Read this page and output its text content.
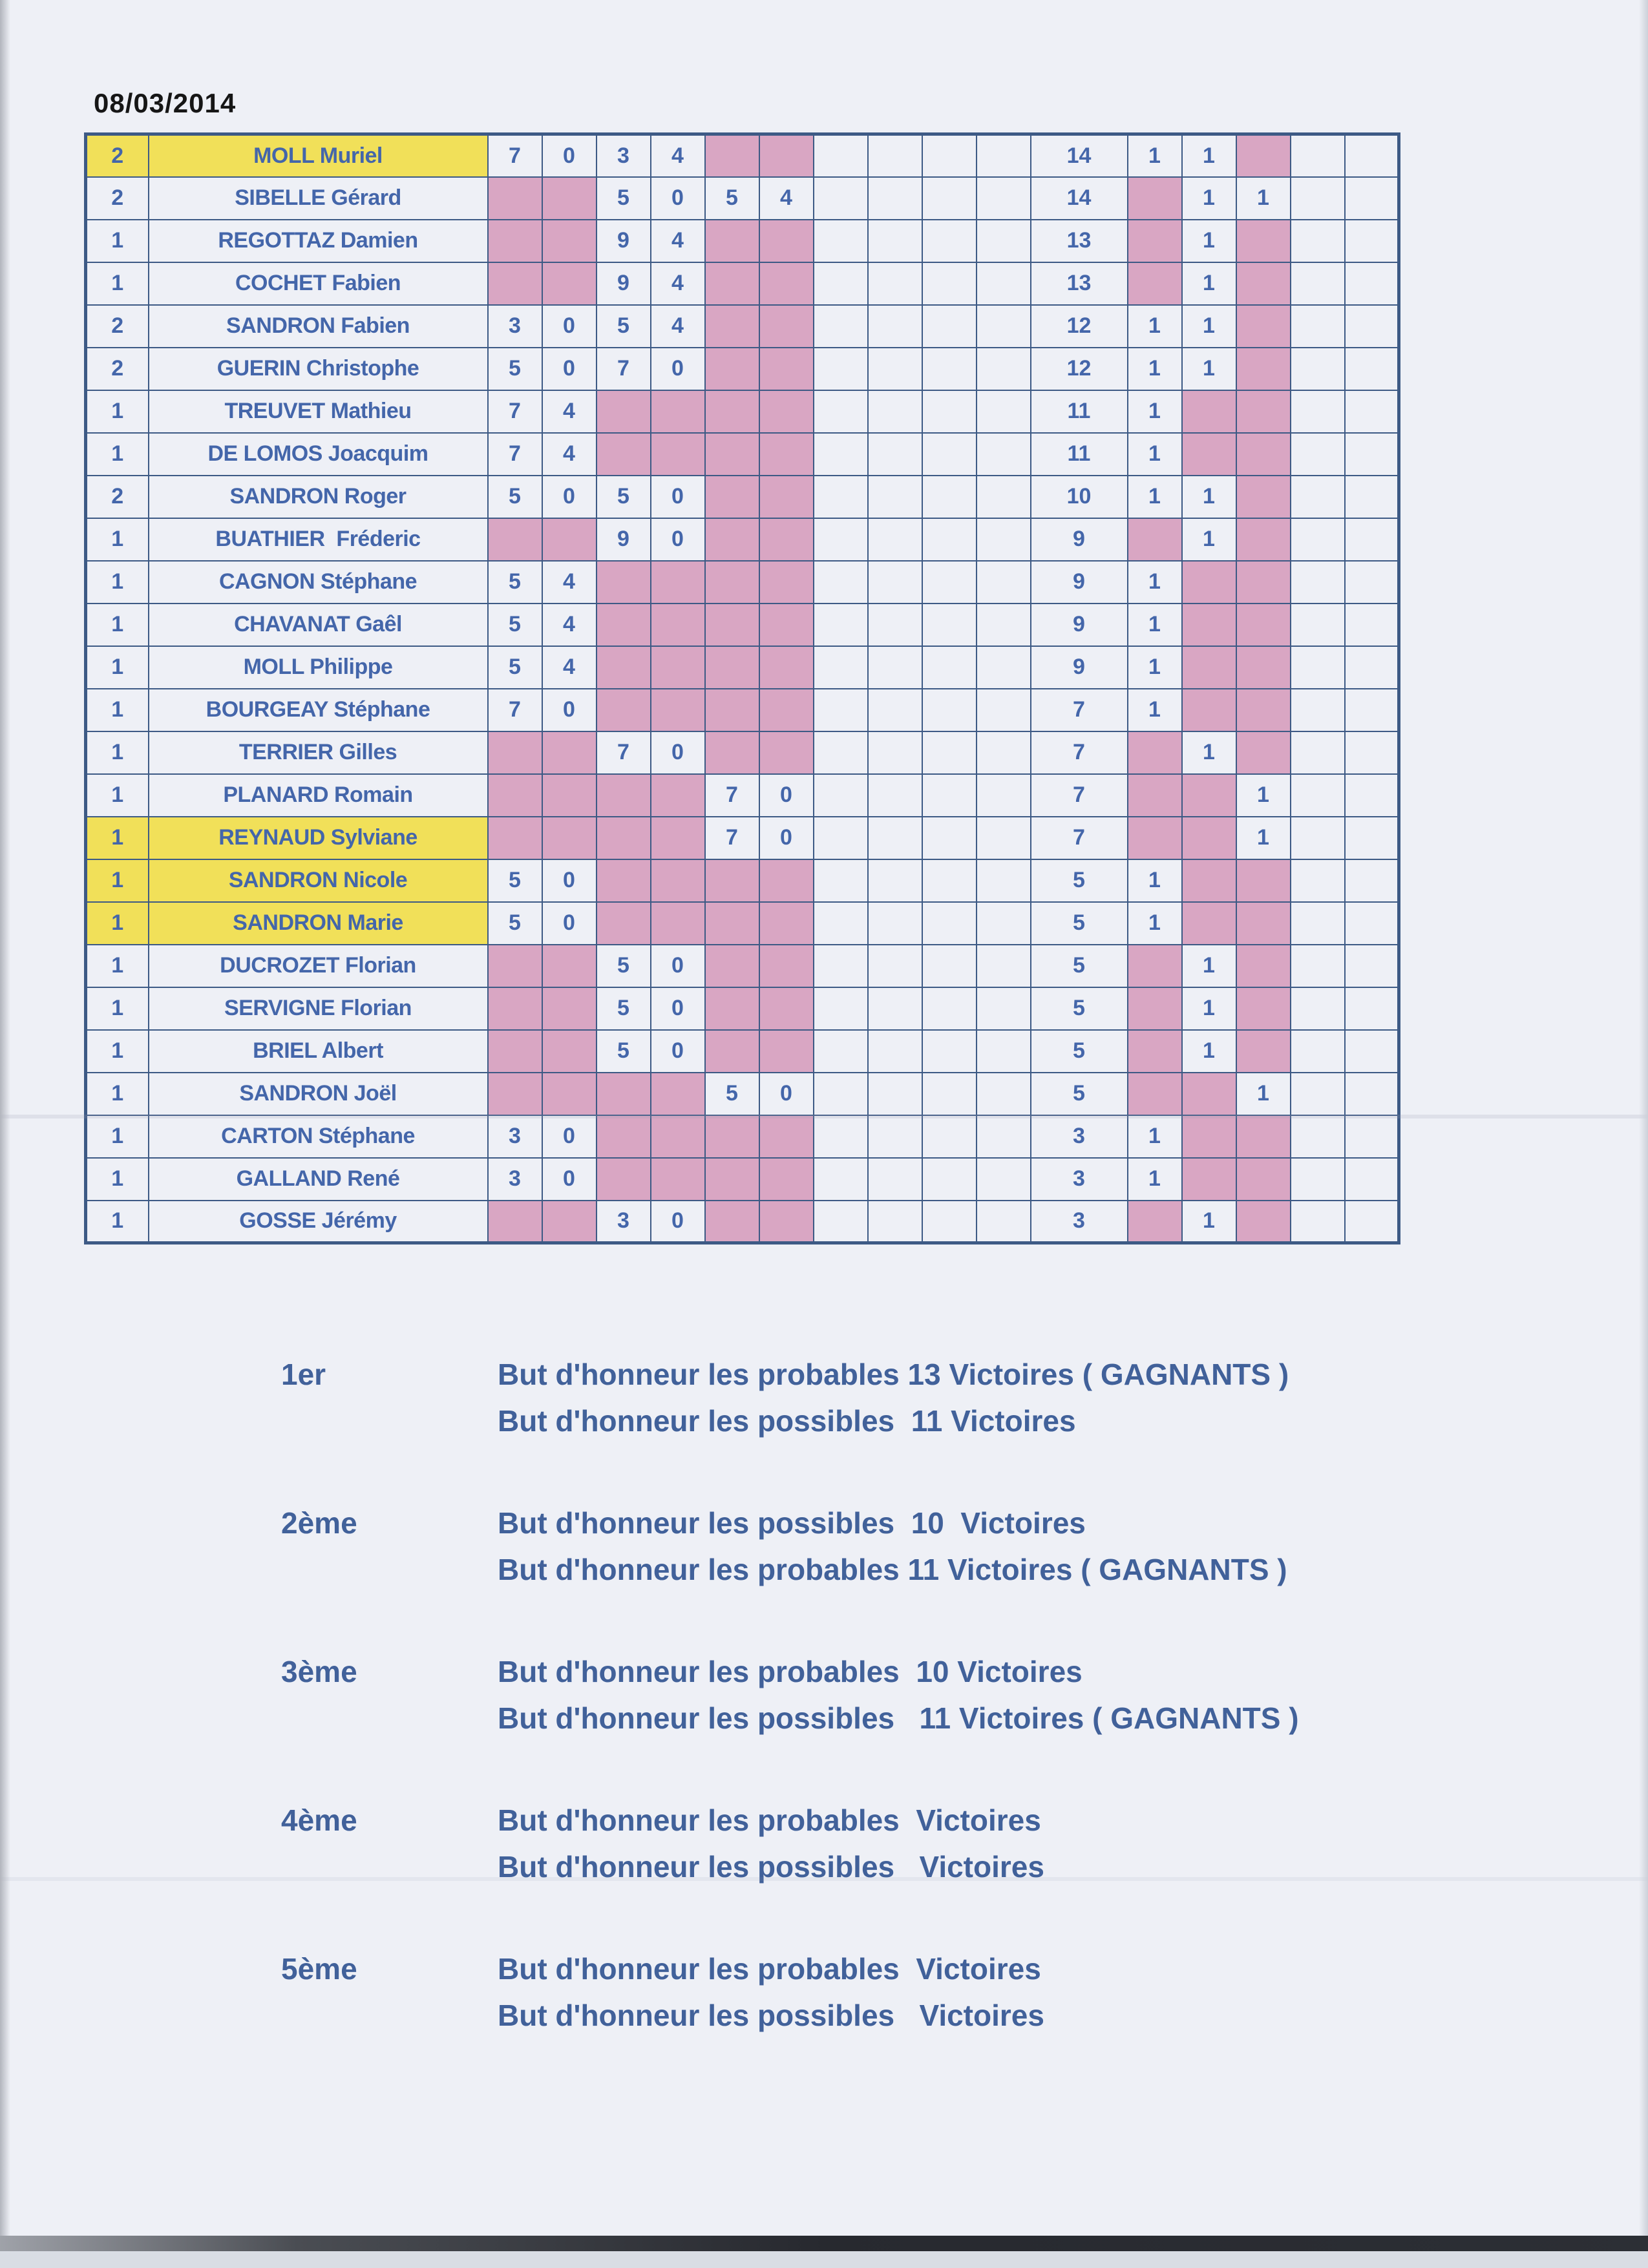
08/03/2014
2	MOLL Muriel	7	0	3	4							14	1	1			
2	SIBELLE Gérard			5	0	5	4					14		1	1		
1	REGOTTAZ Damien			9	4							13		1			
1	COCHET Fabien			9	4							13		1			
2	SANDRON Fabien	3	0	5	4							12	1	1			
2	GUERIN Christophe	5	0	7	0							12	1	1			
1	TREUVET Mathieu	7	4									11	1				
1	DE LOMOS Joacquim	7	4									11	1				
2	SANDRON Roger	5	0	5	0							10	1	1			
1	BUATHIER  Fréderic			9	0							9		1			
1	CAGNON Stéphane	5	4									9	1				
1	CHAVANAT Gaêl	5	4									9	1				
1	MOLL Philippe	5	4									9	1				
1	BOURGEAY Stéphane	7	0									7	1				
1	TERRIER Gilles			7	0							7		1			
1	PLANARD Romain					7	0					7			1		
1	REYNAUD Sylviane					7	0					7			1		
1	SANDRON Nicole	5	0									5	1				
1	SANDRON Marie	5	0									5	1				
1	DUCROZET Florian			5	0							5		1			
1	SERVIGNE Florian			5	0							5		1			
1	BRIEL Albert			5	0							5		1			
1	SANDRON Joël					5	0					5			1		
1	CARTON Stéphane	3	0									3	1				
1	GALLAND René	3	0									3	1				
1	GOSSE Jérémy			3	0							3		1			
1er	But d'honneur les probables 13 Victoires ( GAGNANTS )
But d'honneur les possibles  11 Victoires
2ème	But d'honneur les possibles  10  Victoires
But d'honneur les probables 11 Victoires ( GAGNANTS )
3ème	But d'honneur les probables  10 Victoires
But d'honneur les possibles   11 Victoires ( GAGNANTS )
4ème	But d'honneur les probables  Victoires
But d'honneur les possibles   Victoires
5ème	But d'honneur les probables  Victoires
But d'honneur les possibles   Victoires
